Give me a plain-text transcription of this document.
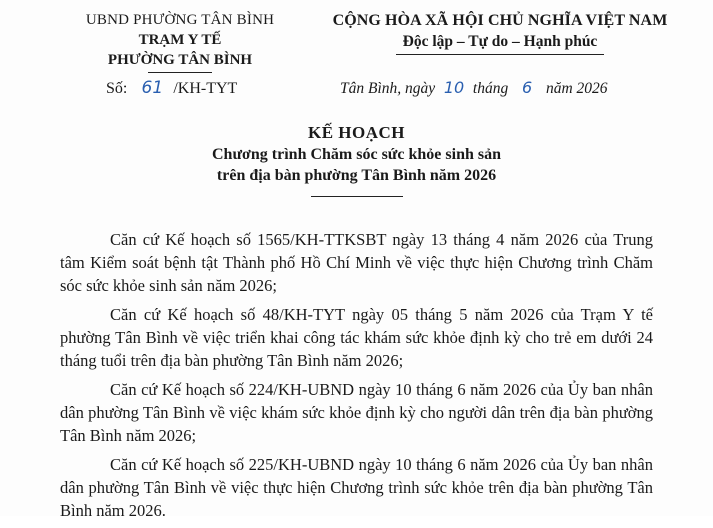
UBND PHƯỜNG TÂN BÌNH
TRẠM Y TẾ
PHƯỜNG TÂN BÌNH
Số: 61 /KH-TYT
CỘNG HÒA XÃ HỘI CHỦ NGHĨA VIỆT NAM
Độc lập – Tự do – Hạnh phúc
Tân Bình, ngày 10 tháng 6 năm 2026
KẾ HOẠCH
Chương trình Chăm sóc sức khỏe sinh sản
trên địa bàn phường Tân Bình năm 2026

Căn cứ Kế hoạch số 1565/KH-TTKSBT ngày 13 tháng 4 năm 2026 của Trung tâm Kiểm soát bệnh tật Thành phố Hồ Chí Minh về việc thực hiện Chương trình Chăm sóc sức khỏe sinh sản năm 2026;

Căn cứ Kế hoạch số 48/KH-TYT ngày 05 tháng 5 năm 2026 của Trạm Y tế phường Tân Bình về việc triển khai công tác khám sức khỏe định kỳ cho trẻ em dưới 24 tháng tuổi trên địa bàn phường Tân Bình năm 2026;

Căn cứ Kế hoạch số 224/KH-UBND ngày 10 tháng 6 năm 2026 của Ủy ban nhân dân phường Tân Bình về việc khám sức khỏe định kỳ cho người dân trên địa bàn phường Tân Bình năm 2026;

Căn cứ Kế hoạch số 225/KH-UBND ngày 10 tháng 6 năm 2026 của Ủy ban nhân dân phường Tân Bình về việc thực hiện Chương trình sức khỏe trên địa bàn phường Tân Bình năm 2026.
